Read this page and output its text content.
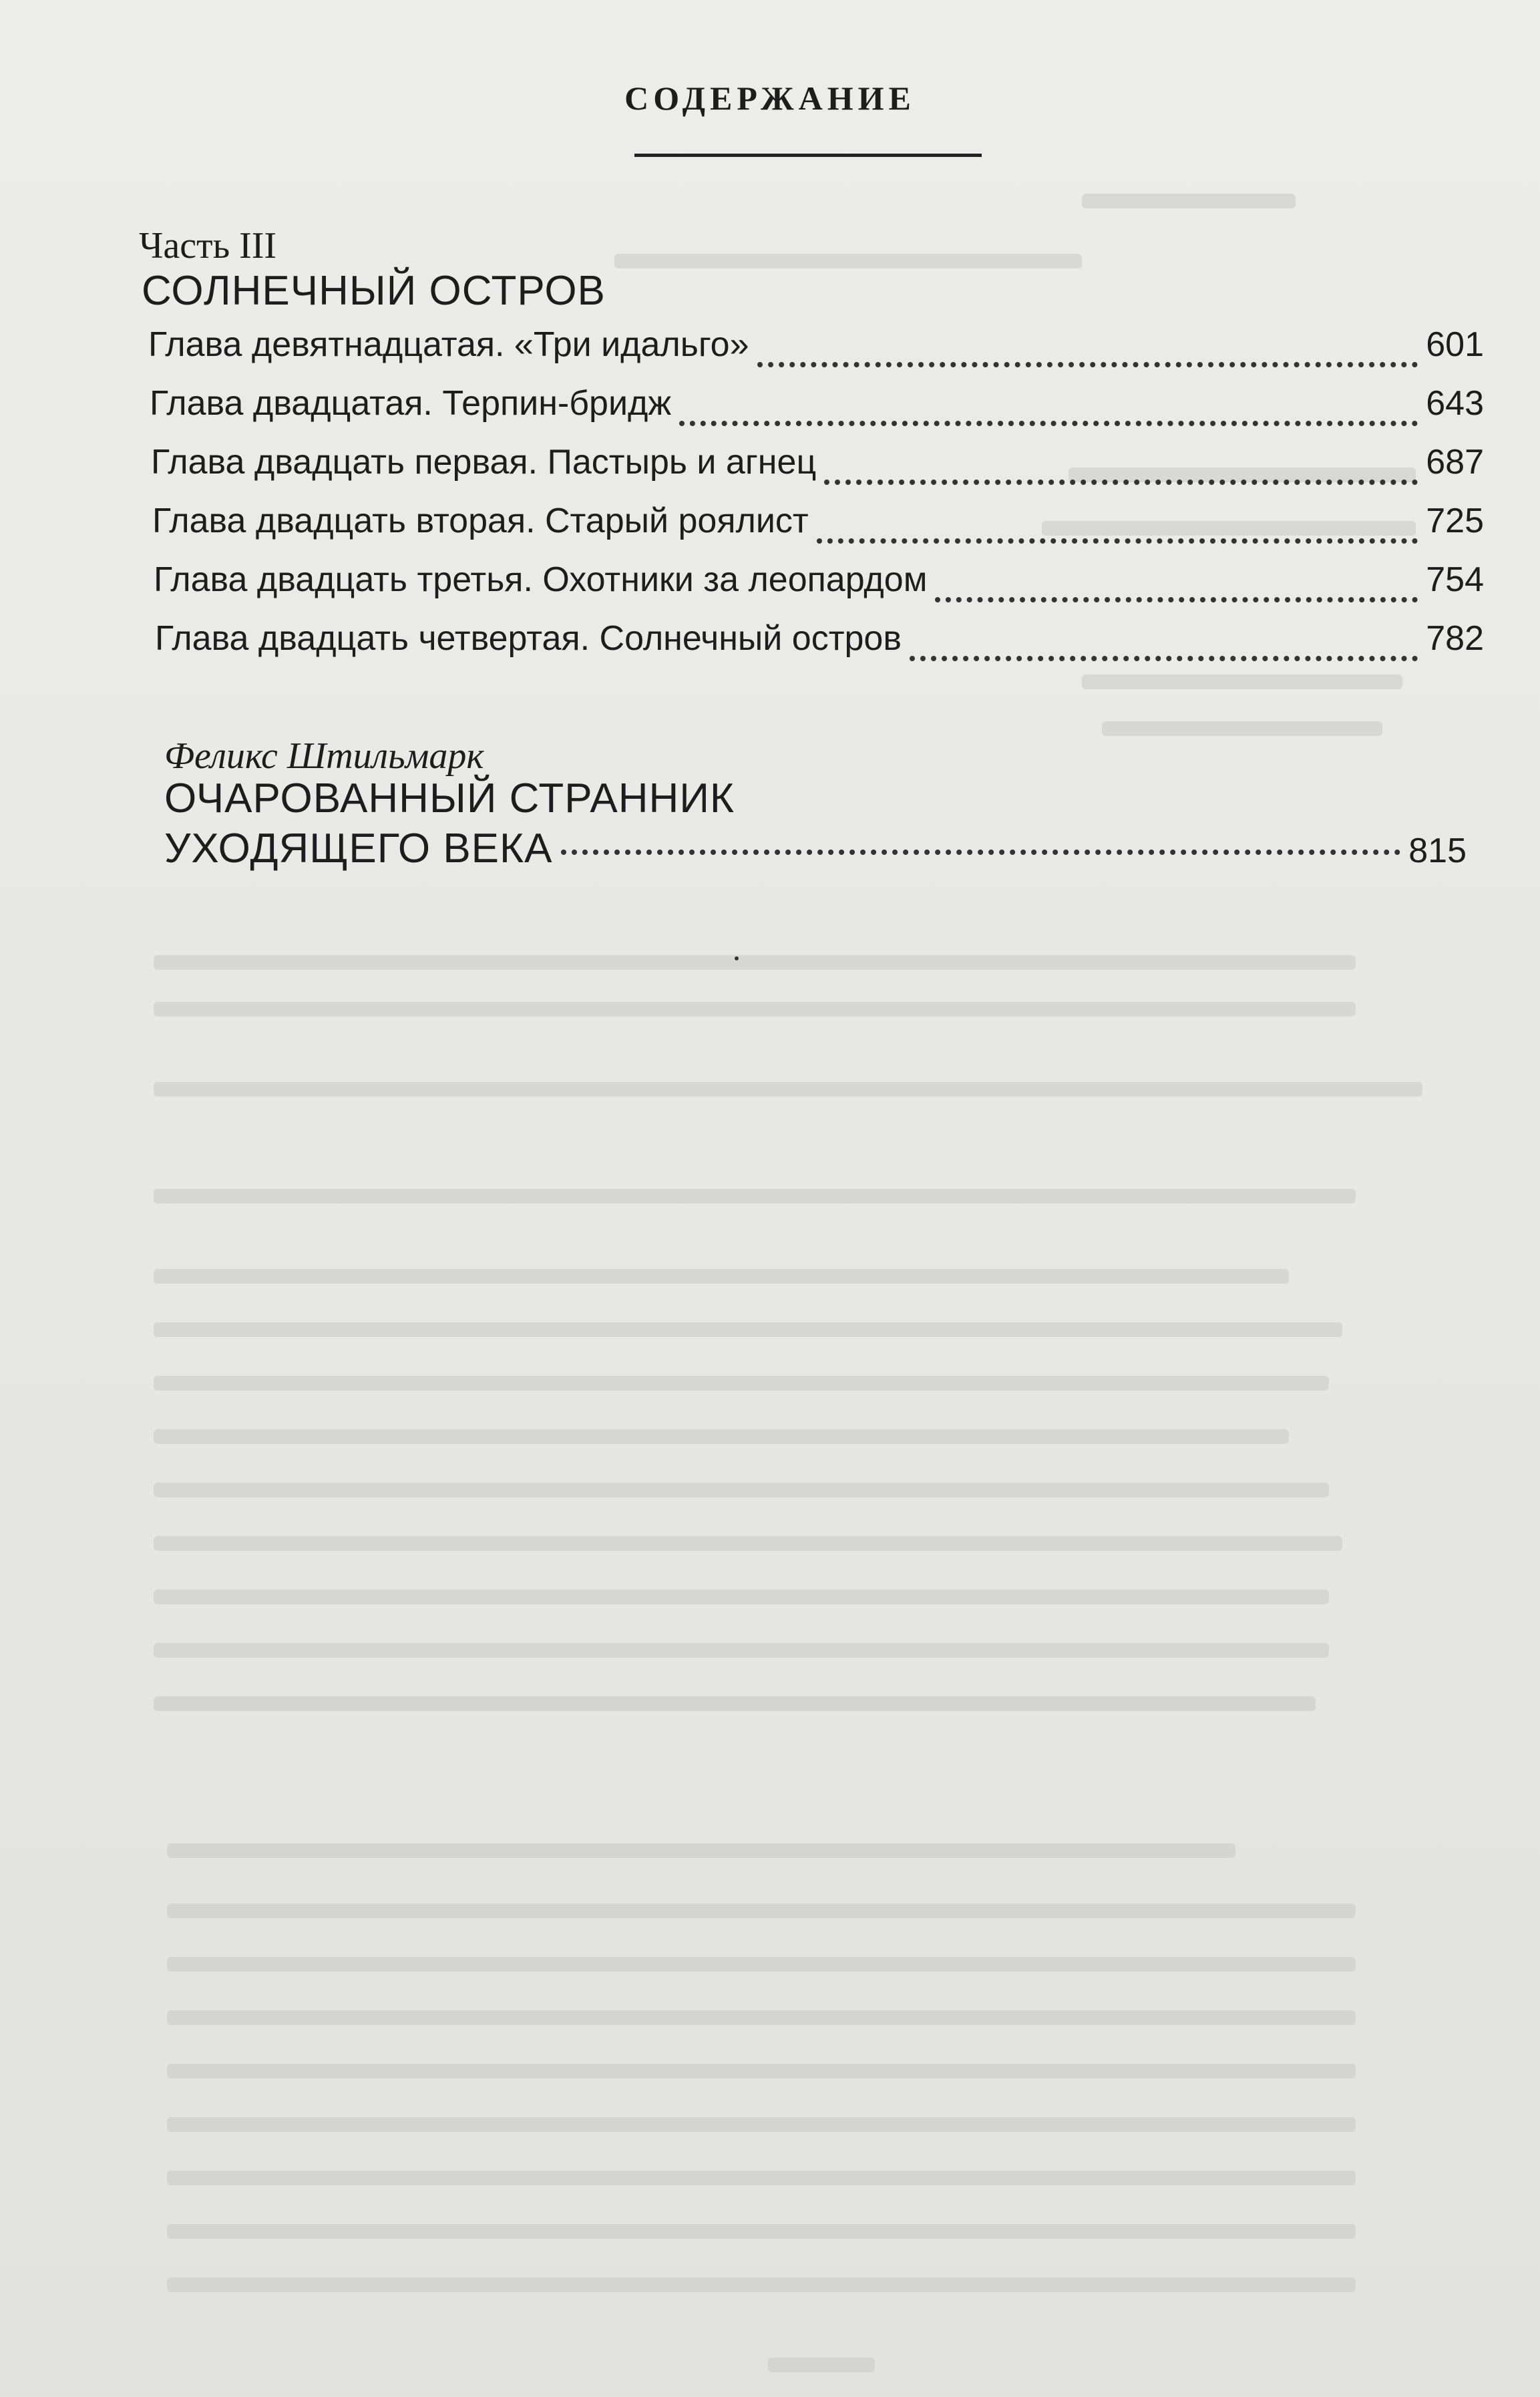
СОДЕРЖАНИЕ
Часть III
СОЛНЕЧНЫЙ ОСТРОВ
Глава девятнадцатая. «Три идальго»	601
Глава двадцатая. Терпин-бридж	643
Глава двадцать первая. Пастырь и агнец	687
Глава двадцать вторая. Старый роялист	725
Глава двадцать третья. Охотники за леопардом	754
Глава двадцать четвертая. Солнечный остров	782
Феликс Штильмарк
ОЧАРОВАННЫЙ СТРАННИК
УХОДЯЩЕГО ВЕКА	815
